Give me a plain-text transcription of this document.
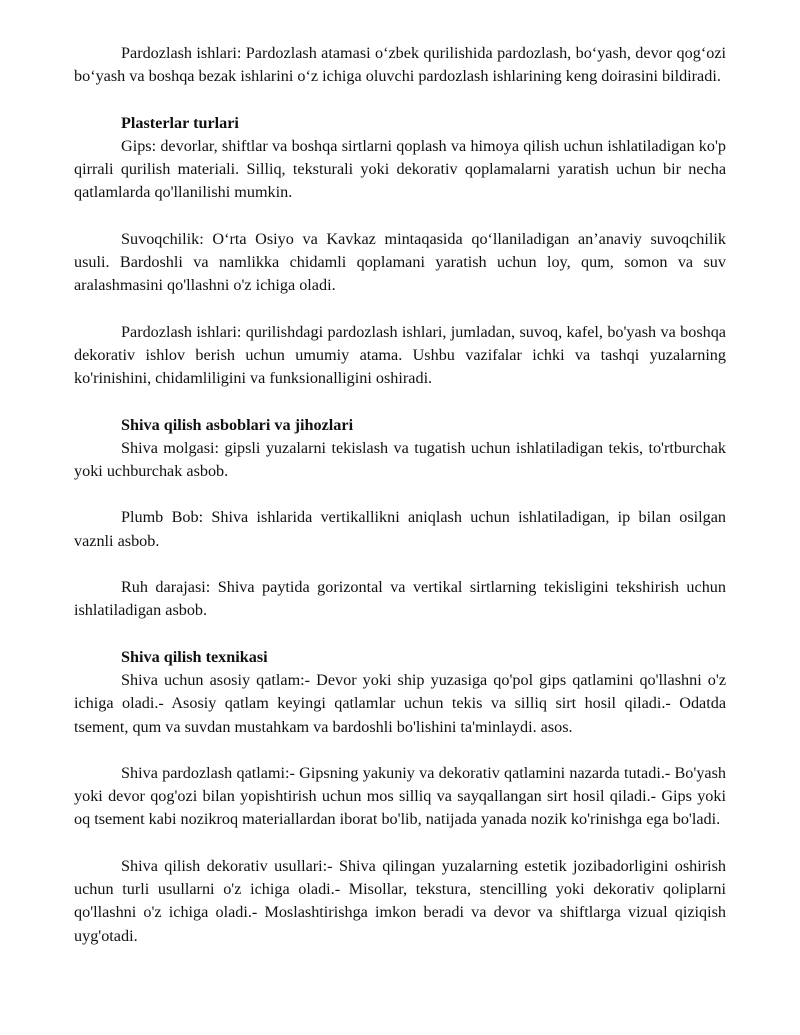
Pardozlash ishlari: Pardozlash atamasi o‘zbek qurilishida pardozlash, bo‘yash, devor qog‘ozi bo‘yash va boshqa bezak ishlarini o‘z ichiga oluvchi pardozlash ishlarining keng doirasini bildiradi.

Plasterlar turlari

Gips: devorlar, shiftlar va boshqa sirtlarni qoplash va himoya qilish uchun ishlatiladigan ko'p qirrali qurilish materiali. Silliq, teksturali yoki dekorativ qoplamalarni yaratish uchun bir necha qatlamlarda qo'llanilishi mumkin.

Suvoqchilik: O‘rta Osiyo va Kavkaz mintaqasida qo‘llaniladigan an’anaviy suvoqchilik usuli. Bardoshli va namlikka chidamli qoplamani yaratish uchun loy, qum, somon va suv aralashmasini qo'llashni o'z ichiga oladi.

Pardozlash ishlari: qurilishdagi pardozlash ishlari, jumladan, suvoq, kafel, bo'yash va boshqa dekorativ ishlov berish uchun umumiy atama. Ushbu vazifalar ichki va tashqi yuzalarning ko'rinishini, chidamliligini va funksionalligini oshiradi.

Shiva qilish asboblari va jihozlari

Shiva molgasi: gipsli yuzalarni tekislash va tugatish uchun ishlatiladigan tekis, to'rtburchak yoki uchburchak asbob.

Plumb Bob: Shiva ishlarida vertikallikni aniqlash uchun ishlatiladigan, ip bilan osilgan vaznli asbob.

Ruh darajasi: Shiva paytida gorizontal va vertikal sirtlarning tekisligini tekshirish uchun ishlatiladigan asbob.

Shiva qilish texnikasi

Shiva uchun asosiy qatlam:- Devor yoki ship yuzasiga qo'pol gips qatlamini qo'llashni o'z ichiga oladi.- Asosiy qatlam keyingi qatlamlar uchun tekis va silliq sirt hosil qiladi.- Odatda tsement, qum va suvdan mustahkam va bardoshli bo'lishini ta'minlaydi. asos.

Shiva pardozlash qatlami:- Gipsning yakuniy va dekorativ qatlamini nazarda tutadi.- Bo'yash yoki devor qog'ozi bilan yopishtirish uchun mos silliq va sayqallangan sirt hosil qiladi.- Gips yoki oq tsement kabi nozikroq materiallardan iborat bo'lib, natijada yanada nozik ko'rinishga ega bo'ladi.

Shiva qilish dekorativ usullari:- Shiva qilingan yuzalarning estetik jozibadorligini oshirish uchun turli usullarni o'z ichiga oladi.- Misollar, tekstura, stencilling yoki dekorativ qoliplarni qo'llashni o'z ichiga oladi.- Moslashtirishga imkon beradi va devor va shiftlarga vizual qiziqish uyg'otadi.
